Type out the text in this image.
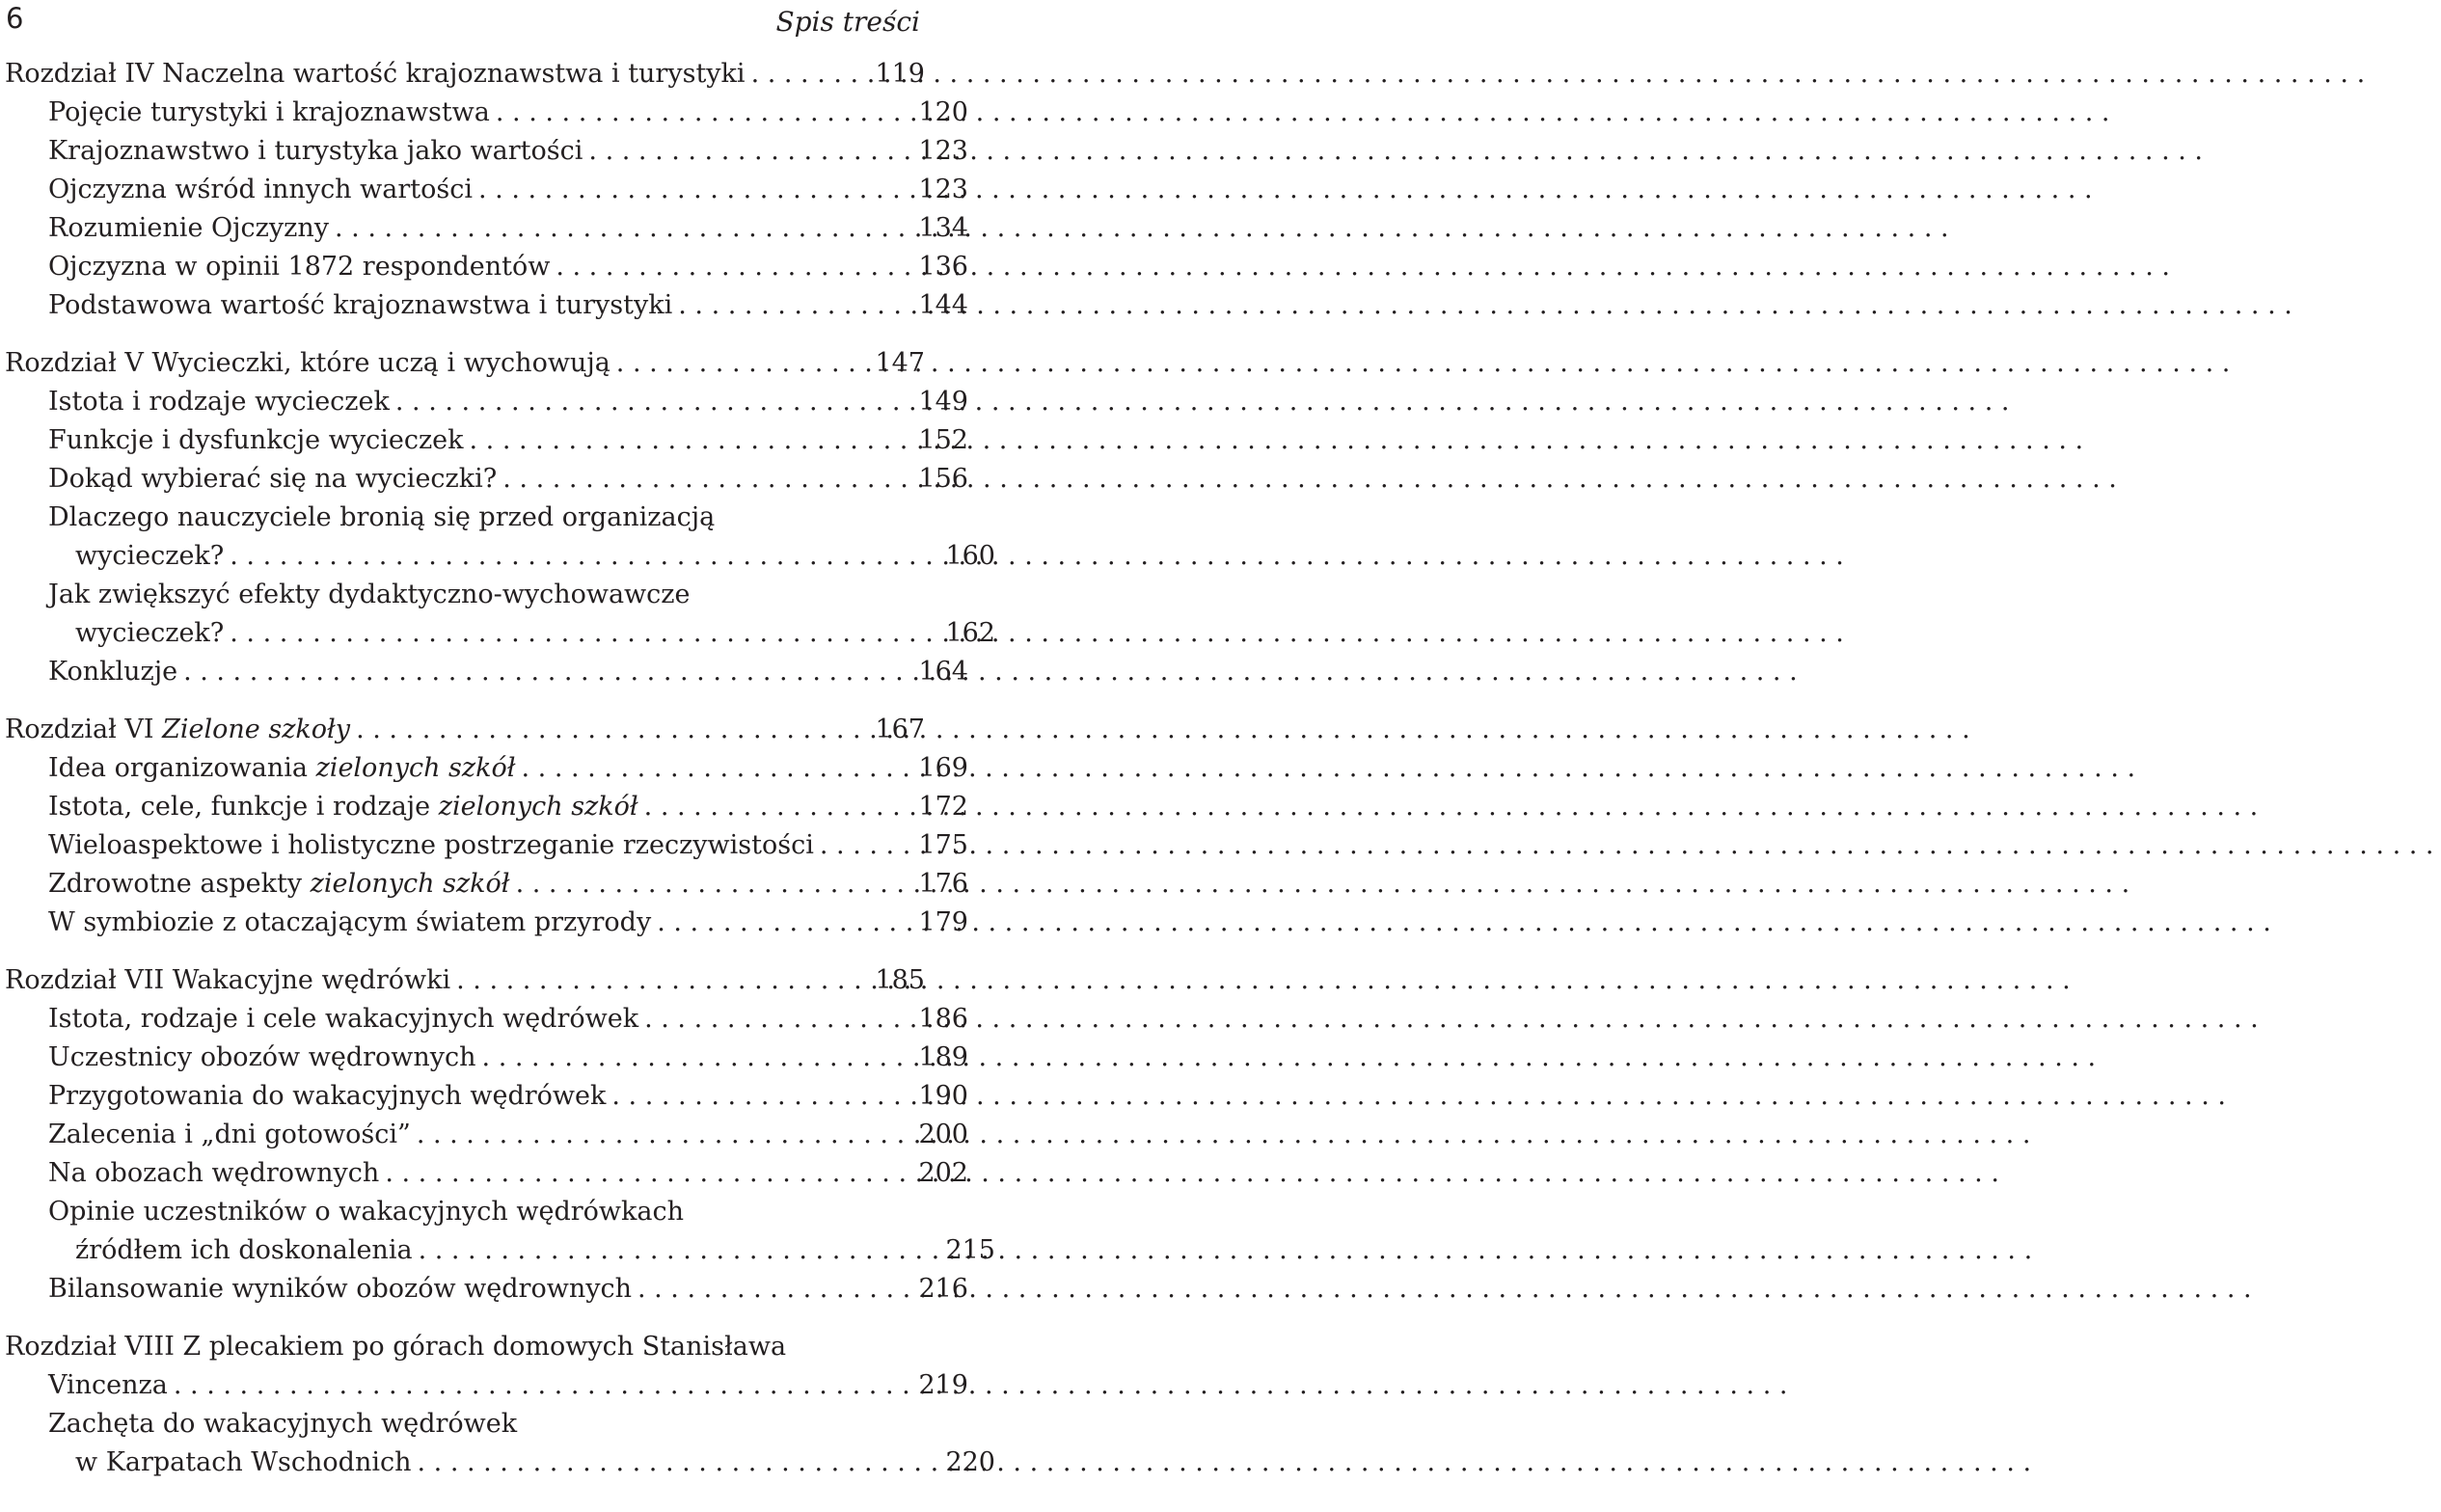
6	Spis treści
Rozdział IV Naczelna wartość krajoznawstwa i turystyki . . .	119
Pojęcie turystyki i krajoznawstwa . . .	120
Krajoznawstwo i turystyka jako wartości . . .	123
Ojczyzna wśród innych wartości . . .	123
Rozumienie Ojczyzny . . .	134
Ojczyzna w opinii 1872 respondentów . . .	136
Podstawowa wartość krajoznawstwa i turystyki . . .	144
Rozdział V Wycieczki, które uczą i wychowują . . .	147
Istota i rodzaje wycieczek . . .	149
Funkcje i dysfunkcje wycieczek . . .	152
Dokąd wybierać się na wycieczki? . . .	156
Dlaczego nauczyciele bronią się przed organizacją
wycieczek? . . .	160
Jak zwiększyć efekty dydaktyczno-wychowawcze
wycieczek? . . .	162
Konkluzje . . .	164
Rozdział VI Zielone szkoły . . .	167
Idea organizowania zielonych szkół . . .	169
Istota, cele, funkcje i rodzaje zielonych szkół . . .	172
Wieloaspektowe i holistyczne postrzeganie rzeczywistości . . .	175
Zdrowotne aspekty zielonych szkół . . .	176
W symbiozie z otaczającym światem przyrody . . .	179
Rozdział VII Wakacyjne wędrówki . . .	185
Istota, rodzaje i cele wakacyjnych wędrówek . . .	186
Uczestnicy obozów wędrownych . . .	189
Przygotowania do wakacyjnych wędrówek . . .	190
Zalecenia i „dni gotowości” . . .	200
Na obozach wędrownych . . .	202
Opinie uczestników o wakacyjnych wędrówkach
źródłem ich doskonalenia . . .	215
Bilansowanie wyników obozów wędrownych . . .	216
Rozdział VIII Z plecakiem po górach domowych Stanisława
Vincenza . . .	219
Zachęta do wakacyjnych wędrówek
w Karpatach Wschodnich . . .	220
